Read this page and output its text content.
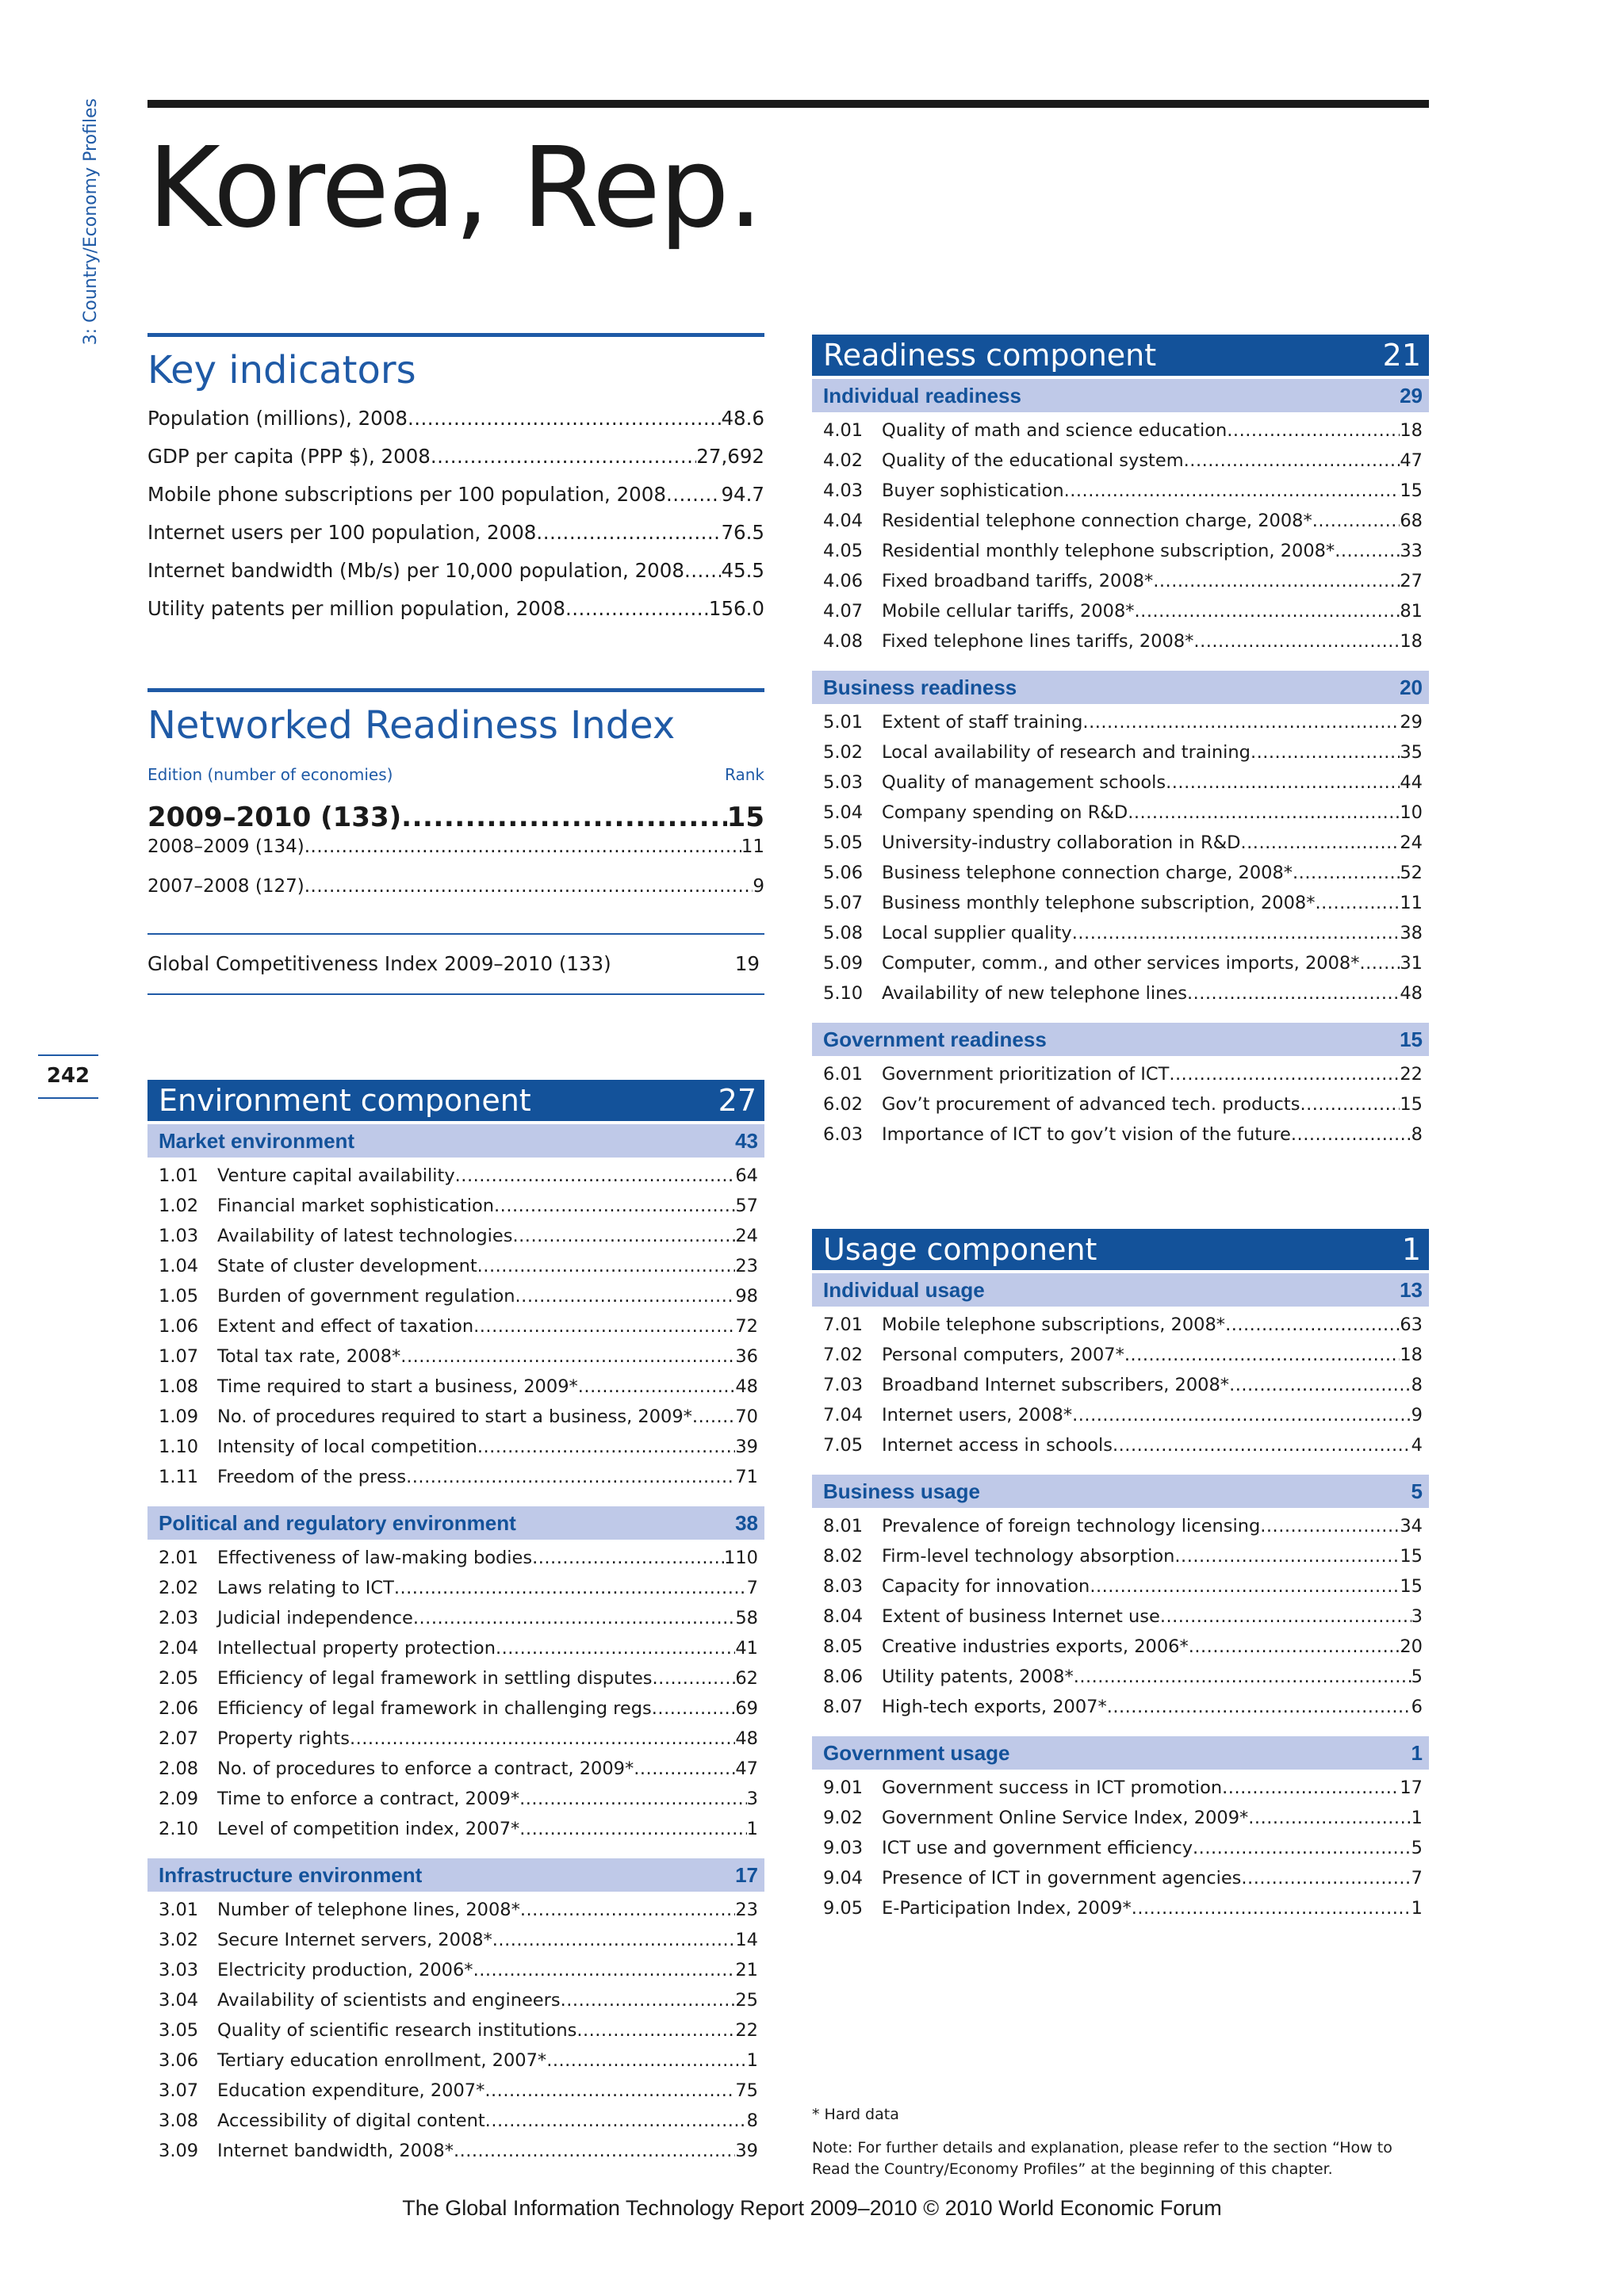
3: Country/Economy Profiles
242
Korea, Rep.
Key indicators
Population (millions), 2008 .....	48.6
GDP per capita (PPP $), 2008 .....	27,692
Mobile phone subscriptions per 100 population, 2008 .....	94.7
Internet users per 100 population, 2008 .....	76.5
Internet bandwidth (Mb/s) per 10,000 population, 2008 ..... 45.5
Utility patents per million population, 2008 .....	156.0
Networked Readiness Index
Edition (number of economies)	Rank
2009–2010 (133) .....	15
2008–2009 (134) .....	11
2007–2008 (127) .....	9
Global Competitiveness Index 2009–2010 (133)	19
Environment component	27
Market environment	43
1.01	Venture capital availability .....	64
1.02	Financial market sophistication .....	57
1.03	Availability of latest technologies .....	24
1.04	State of cluster development .....	23
1.05	Burden of government regulation .....	98
1.06	Extent and effect of taxation .....	72
1.07	Total tax rate, 2008* .....	36
1.08	Time required to start a business, 2009* .....	48
1.09	No. of procedures required to start a business, 2009* ..... 70
1.10	Intensity of local competition .....	39
1.11	Freedom of the press .....	71
Political and regulatory environment	38
2.01	Effectiveness of law-making bodies .....	110
2.02	Laws relating to ICT .....	7
2.03	Judicial independence .....	58
2.04	Intellectual property protection .....	41
2.05	Efficiency of legal framework in settling disputes .....	62
2.06	Efficiency of legal framework in challenging regs .....	69
2.07	Property rights .....	48
2.08	No. of procedures to enforce a contract, 2009* .....	47
2.09	Time to enforce a contract, 2009* .....	3
2.10	Level of competition index, 2007* .....	1
Infrastructure environment	17
3.01	Number of telephone lines, 2008* .....	23
3.02	Secure Internet servers, 2008* .....	14
3.03	Electricity production, 2006* .....	21
3.04	Availability of scientists and engineers .....	25
3.05	Quality of scientific research institutions .....	22
3.06	Tertiary education enrollment, 2007* .....	1
3.07	Education expenditure, 2007* .....	75
3.08	Accessibility of digital content .....	8
3.09	Internet bandwidth, 2008* .....	39
Readiness component	21
Individual readiness	29
4.01	Quality of math and science education .....	18
4.02	Quality of the educational system .....	47
4.03	Buyer sophistication .....	15
4.04	Residential telephone connection charge, 2008* .....	68
4.05	Residential monthly telephone subscription, 2008* .....	33
4.06	Fixed broadband tariffs, 2008* .....	27
4.07	Mobile cellular tariffs, 2008* .....	81
4.08	Fixed telephone lines tariffs, 2008* .....	18
Business readiness	20
5.01	Extent of staff training .....	29
5.02	Local availability of research and training .....	35
5.03	Quality of management schools .....	44
5.04	Company spending on R&D .....	10
5.05	University-industry collaboration in R&D .....	24
5.06	Business telephone connection charge, 2008* .....	52
5.07	Business monthly telephone subscription, 2008* .....	11
5.08	Local supplier quality .....	38
5.09	Computer, comm., and other services imports, 2008* ..... 31
5.10	Availability of new telephone lines .....	48
Government readiness	15
6.01	Government prioritization of ICT .....	22
6.02	Gov’t procurement of advanced tech. products .....	15
6.03	Importance of ICT to gov’t vision of the future .....	8
Usage component	1
Individual usage	13
7.01	Mobile telephone subscriptions, 2008* .....	63
7.02	Personal computers, 2007* .....	18
7.03	Broadband Internet subscribers, 2008* .....	8
7.04	Internet users, 2008* .....	9
7.05	Internet access in schools .....	4
Business usage	5
8.01	Prevalence of foreign technology licensing .....	34
8.02	Firm-level technology absorption .....	15
8.03	Capacity for innovation .....	15
8.04	Extent of business Internet use .....	3
8.05	Creative industries exports, 2006* .....	20
8.06	Utility patents, 2008* .....	5
8.07	High-tech exports, 2007* .....	6
Government usage	1
9.01	Government success in ICT promotion .....	17
9.02	Government Online Service Index, 2009* .....	1
9.03	ICT use and government efficiency .....	5
9.04	Presence of ICT in government agencies .....	7
9.05	E-Participation Index, 2009* .....	1
* Hard data
Note: For further details and explanation, please refer to the section “How to Read the Country/Economy Profiles” at the beginning of this chapter.
The Global Information Technology Report 2009–2010 © 2010 World Economic Forum
